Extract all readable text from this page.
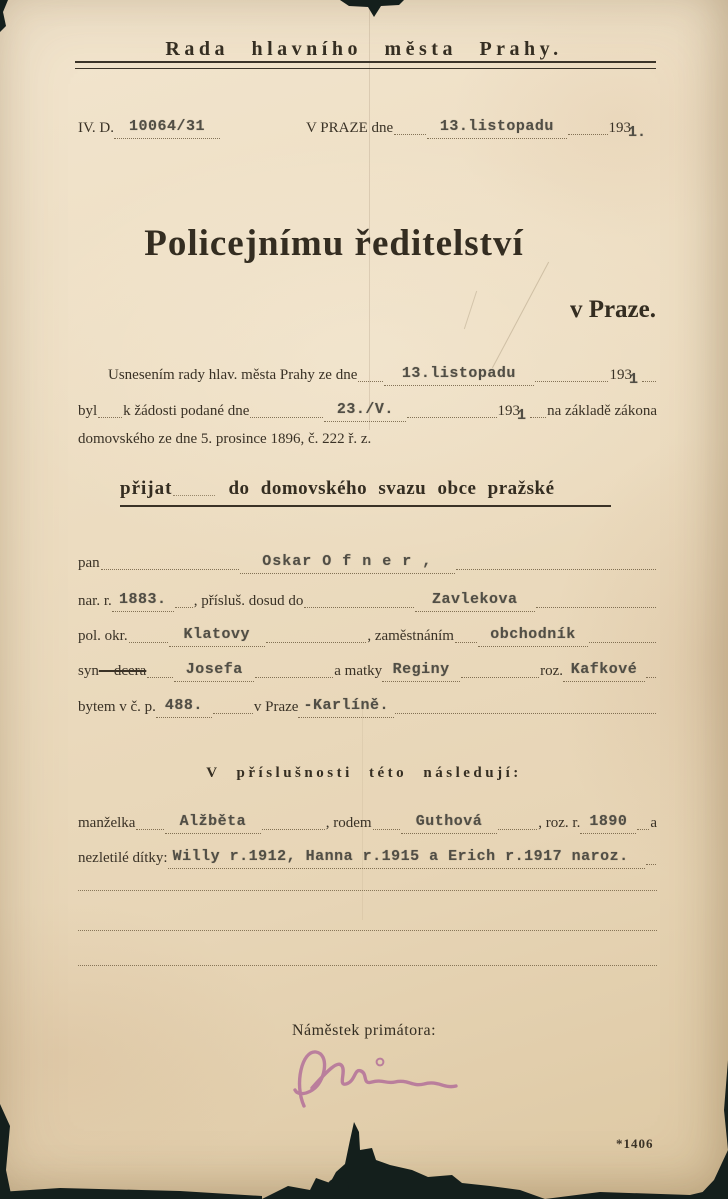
Rada hlavního města Prahy.
IV. D. 10064/31	V PRAZE dne	13.listopadu	193
1.
Policejnímu ředitelství
v Praze.
Usnesením rady hlav. města Prahy ze dne	13.listopadu	193
1
byl k žádosti podané dne	23./V.	193
1 na základě zákona
domovského ze dne 5. prosince 1896, č. 222 ř. z.
přijat	do domovského svazu obce pražské
pan	Oskar O f n e r ,
nar. r. 1883.	, přísluš. dosud do	Zavlekova
pol. okr.	Klatovy	, zaměstnáním	obchodník
syn —dcera	Josefa	a matky Reginy	roz. Kafkové
bytem v č. p. 488.	v Praze -Karlíně.
V příslušnosti této následují:
manželka	Alžběta	, rodem	Guthová	, roz. r. 1890	a
nezletilé dítky: Willy r.1912, Hanna r.1915 a Erich r.1917 naroz.
Náměstek primátora:
*1406
